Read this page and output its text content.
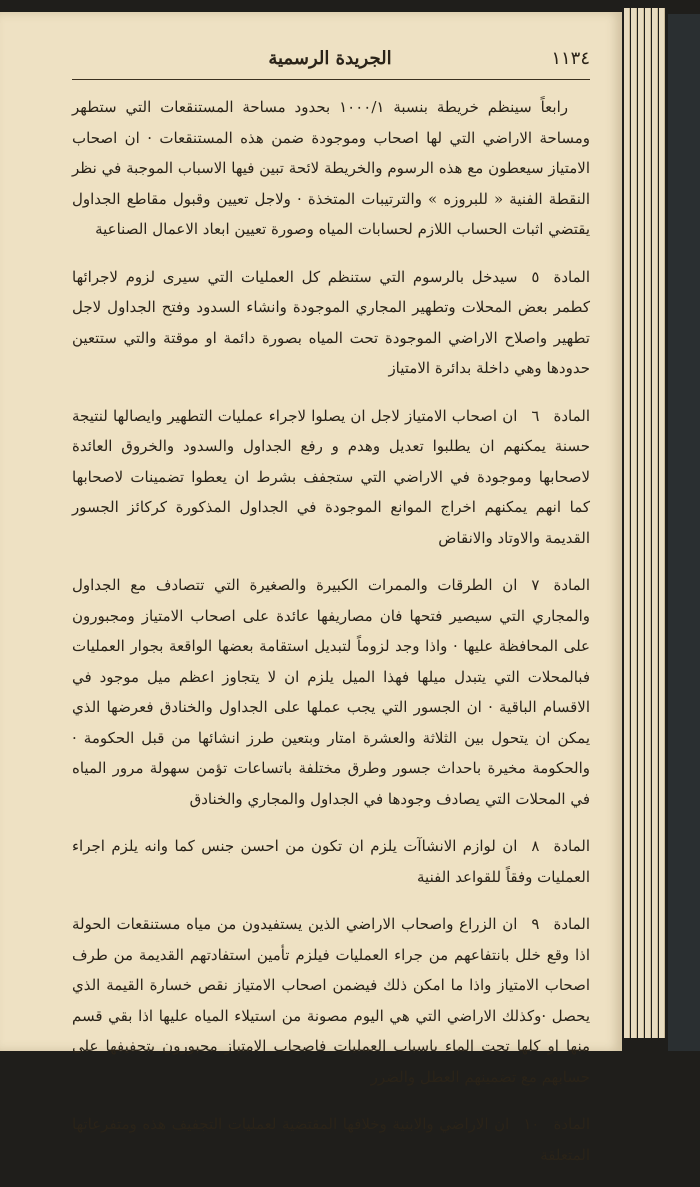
١١٣٤
الجريدة الرسمية

رابعاً سينظم خريطة بنسبة ١٠٠٠/١ بحدود مساحة المستنقعات التي ستطهر ومساحة الاراضي التي لها اصحاب وموجودة ضمن هذه المستنقعات · ان اصحاب الامتياز سيعطون مع هذه الرسوم والخريطة لائحة تبين فيها الاسباب الموجبة في نظر النقطة الفنية « للبروزه » والترتيبات المتخذة · ولاجل تعيين وقبول مقاطع الجداول يقتضي اثبات الحساب اللازم لحسابات المياه وصورة تعيين ابعاد الاعمال الصناعية

المادة٥سيدخل بالرسوم التي ستنظم كل العمليات التي سيرى لزوم لاجرائها كطمر بعض المحلات وتطهير المجاري الموجودة وانشاء السدود وفتح الجداول لاجل تطهير واصلاح الاراضي الموجودة تحت المياه بصورة دائمة او موقتة والتي ستتعين حدودها وهي داخلة بدائرة الامتياز

المادة٦ان اصحاب الامتياز لاجل ان يصلوا لاجراء عمليات التطهير وايصالها لنتيجة حسنة يمكنهم ان يطلبوا تعديل وهدم و رفع الجداول والسدود والخروق العائدة لاصحابها وموجودة في الاراضي التي ستجفف بشرط ان يعطوا تضمينات لاصحابها كما انهم يمكنهم اخراج الموانع الموجودة في الجداول المذكورة كركائز الجسور القديمة والاوتاد والانقاض

المادة٧ان الطرقات والممرات الكبيرة والصغيرة التي تتصادف مع الجداول والمجاري التي سيصير فتحها فان مصاريفها عائدة على اصحاب الامتياز ومجبورون على المحافظة عليها · واذا وجد لزوماً لتبديل استقامة بعضها الواقعة بجوار العمليات فبالمحلات التي يتبدل ميلها فهذا الميل يلزم ان لا يتجاوز اعظم ميل موجود في الاقسام الباقية · ان الجسور التي يجب عملها على الجداول والخنادق فعرضها الذي يمكن ان يتحول بين الثلاثة والعشرة امتار وبتعين طرز انشائها من قبل الحكومة · والحكومة مخيرة باحداث جسور وطرق مختلفة باتساعات تؤمن سهولة مرور المياه في المحلات التي يصادف وجودها في الجداول والمجاري والخنادق

المادة٨ان لوازم الانشاآت يلزم ان تكون من احسن جنس كما وانه يلزم اجراء العمليات وفقاً للقواعد الفنية

المادة٩ان الزراع واصحاب الاراضي الذين يستفيدون من مياه مستنقعات الحولة اذا وقع خلل بانتفاعهم من جراء العمليات فيلزم تأمين استفادتهم القديمة من طرف اصحاب الامتياز واذا ما امكن ذلك فيضمن اصحاب الامتياز نقص خسارة القيمة الذي يحصل ·وكذلك الاراضي التي هي اليوم مصونة من استيلاء المياه عليها اذا بقي قسم منها او كلها تحت الماء باسباب العمليات فاصحاب الامتياز مجبورون بتجفيفها على حسابهم مع تضمينهم العطل والضرر

المادة١٠ان الاراضي والابنية وخلافها المقتضية لعمليات التجفيف هذه ومتفرعاتها المتعلقة
